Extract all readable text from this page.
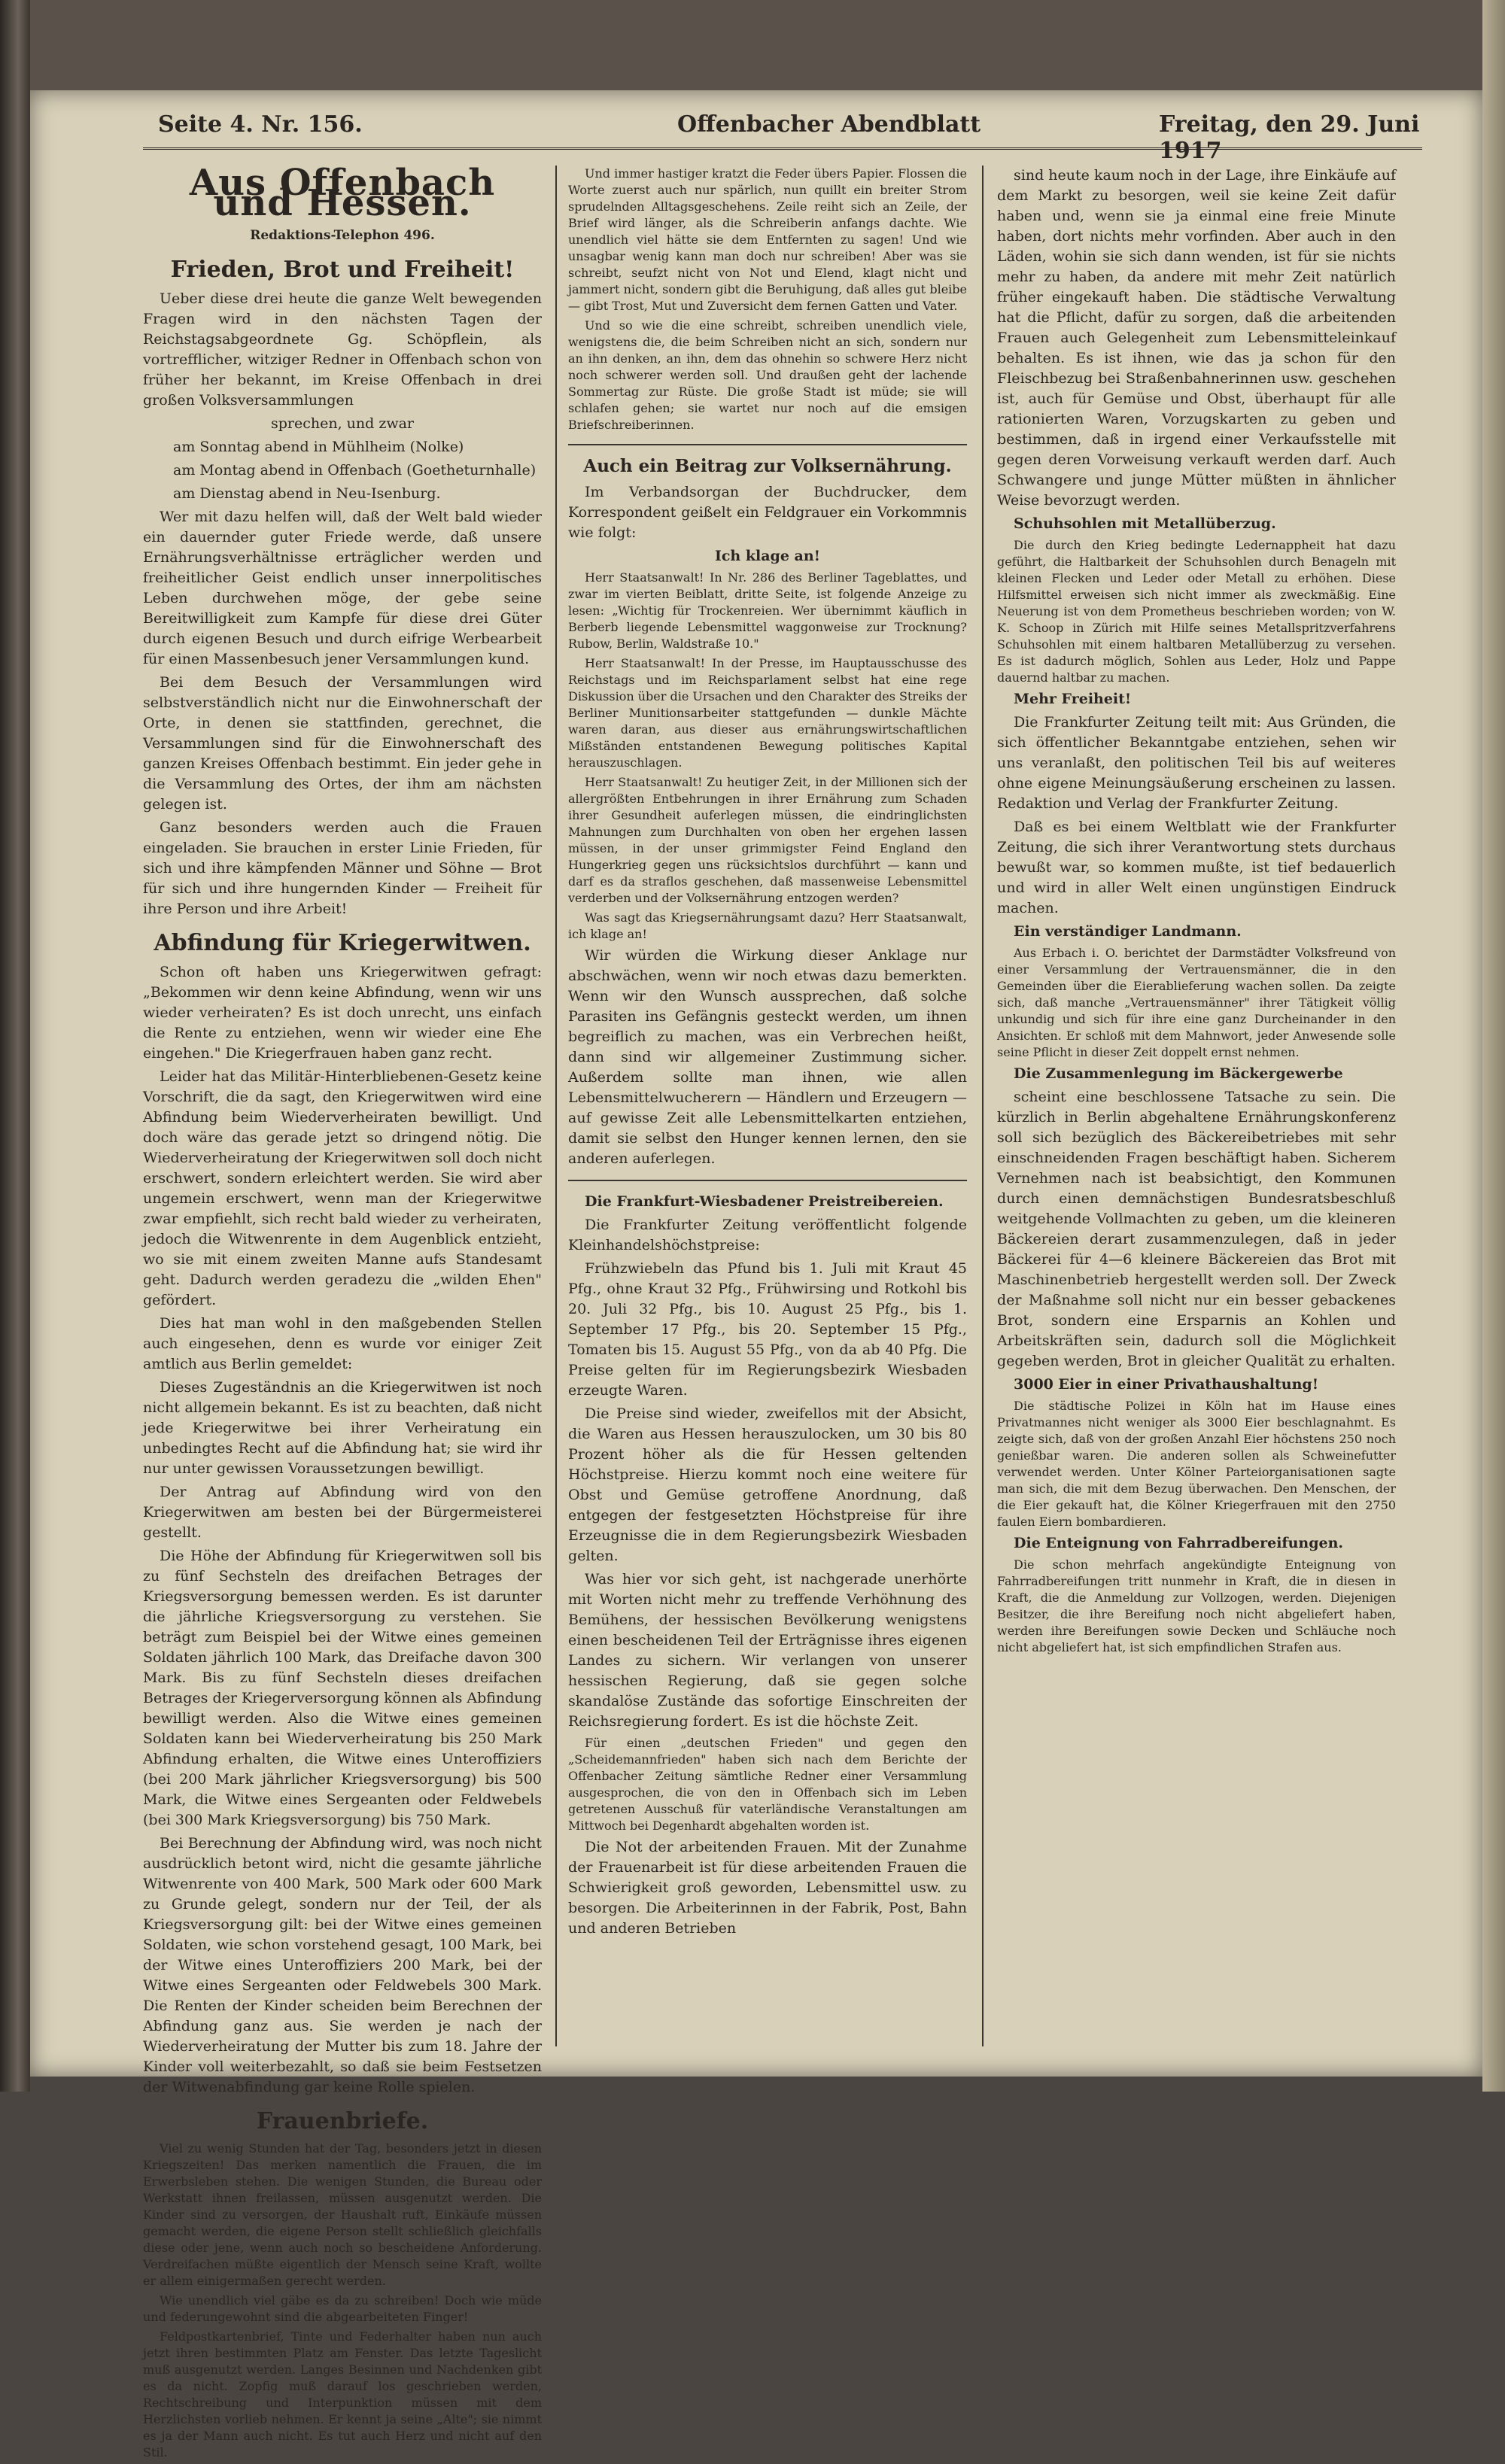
Seite 4. Nr. 156.	Offenbacher Abendblatt	Freitag, den 29. Juni 1917
Aus Offenbach und Hessen.
Redaktions-Telephon 496.
Frieden, Brot und Freiheit!

Ueber diese drei heute die ganze Welt bewegenden Fragen wird in den nächsten Tagen der Reichstagsabgeordnete Gg. Schöpflein, als vortrefflicher, witziger Redner in Offenbach schon von früher her bekannt, im Kreise Offenbach in drei großen Volksversammlungen

sprechen, und zwar

am Sonntag abend in Mühlheim (Nolke)

am Montag abend in Offenbach (Goetheturnhalle)

am Dienstag abend in Neu-Isenburg.

Wer mit dazu helfen will, daß der Welt bald wieder ein dauernder guter Friede werde, daß unsere Ernährungsverhältnisse erträglicher werden und freiheitlicher Geist endlich unser innerpolitisches Leben durchwehen möge, der gebe seine Bereitwilligkeit zum Kampfe für diese drei Güter durch eigenen Besuch und durch eifrige Werbearbeit für einen Massenbesuch jener Versammlungen kund.

Bei dem Besuch der Versammlungen wird selbstverständlich nicht nur die Einwohnerschaft der Orte, in denen sie stattfinden, gerechnet, die Versammlungen sind für die Einwohnerschaft des ganzen Kreises Offenbach bestimmt. Ein jeder gehe in die Versammlung des Ortes, der ihm am nächsten gelegen ist.

Ganz besonders werden auch die Frauen eingeladen. Sie brauchen in erster Linie Frieden, für sich und ihre kämpfenden Männer und Söhne — Brot für sich und ihre hungernden Kinder — Freiheit für ihre Person und ihre Arbeit!

Abfindung für Kriegerwitwen.

Schon oft haben uns Kriegerwitwen gefragt: „Bekommen wir denn keine Abfindung, wenn wir uns wieder verheiraten? Es ist doch unrecht, uns einfach die Rente zu entziehen, wenn wir wieder eine Ehe eingehen." Die Kriegerfrauen haben ganz recht.

Leider hat das Militär-Hinterbliebenen-Gesetz keine Vorschrift, die da sagt, den Kriegerwitwen wird eine Abfindung beim Wiederverheiraten bewilligt. Und doch wäre das gerade jetzt so dringend nötig. Die Wiederverheiratung der Kriegerwitwen soll doch nicht erschwert, sondern erleichtert werden. Sie wird aber ungemein erschwert, wenn man der Kriegerwitwe zwar empfiehlt, sich recht bald wieder zu verheiraten, jedoch die Witwenrente in dem Augenblick entzieht, wo sie mit einem zweiten Manne aufs Standesamt geht. Dadurch werden geradezu die „wilden Ehen" gefördert.

Dies hat man wohl in den maßgebenden Stellen auch eingesehen, denn es wurde vor einiger Zeit amtlich aus Berlin gemeldet:

Dieses Zugeständnis an die Kriegerwitwen ist noch nicht allgemein bekannt. Es ist zu beachten, daß nicht jede Kriegerwitwe bei ihrer Verheiratung ein unbedingtes Recht auf die Abfindung hat; sie wird ihr nur unter gewissen Voraussetzungen bewilligt.

Der Antrag auf Abfindung wird von den Kriegerwitwen am besten bei der Bürgermeisterei gestellt.

Die Höhe der Abfindung für Kriegerwitwen soll bis zu fünf Sechsteln des dreifachen Betrages der Kriegsversorgung bemessen werden. Es ist darunter die jährliche Kriegsversorgung zu verstehen. Sie beträgt zum Beispiel bei der Witwe eines gemeinen Soldaten jährlich 100 Mark, das Dreifache davon 300 Mark. Bis zu fünf Sechsteln dieses dreifachen Betrages der Kriegerversorgung können als Abfindung bewilligt werden. Also die Witwe eines gemeinen Soldaten kann bei Wiederverheiratung bis 250 Mark Abfindung erhalten, die Witwe eines Unteroffiziers (bei 200 Mark jährlicher Kriegsversorgung) bis 500 Mark, die Witwe eines Sergeanten oder Feldwebels (bei 300 Mark Kriegsversorgung) bis 750 Mark.

Bei Berechnung der Abfindung wird, was noch nicht ausdrücklich betont wird, nicht die gesamte jährliche Witwenrente von 400 Mark, 500 Mark oder 600 Mark zu Grunde gelegt, sondern nur der Teil, der als Kriegsversorgung gilt: bei der Witwe eines gemeinen Soldaten, wie schon vorstehend gesagt, 100 Mark, bei der Witwe eines Unteroffiziers 200 Mark, bei der Witwe eines Sergeanten oder Feldwebels 300 Mark. Die Renten der Kinder scheiden beim Berechnen der Abfindung ganz aus. Sie werden je nach der Wiederverheiratung der Mutter bis zum 18. Jahre der Kinder voll weiterbezahlt, so daß sie beim Festsetzen der Witwenabfindung gar keine Rolle spielen.

Frauenbriefe.

Viel zu wenig Stunden hat der Tag, besonders jetzt in diesen Kriegszeiten! Das merken namentlich die Frauen, die im Erwerbsleben stehen. Die wenigen Stunden, die Bureau oder Werkstatt ihnen freilassen, müssen ausgenutzt werden. Die Kinder sind zu versorgen, der Haushalt ruft, Einkäufe müssen gemacht werden, die eigene Person stellt schließlich gleichfalls diese oder jene, wenn auch noch so bescheidene Anforderung. Verdreifachen müßte eigentlich der Mensch seine Kraft, wollte er allem einigermaßen gerecht werden.

Wie unendlich viel gäbe es da zu schreiben! Doch wie müde und federungewohnt sind die abgearbeiteten Finger!

Feldpostkartenbrief, Tinte und Federhalter haben nun auch jetzt ihren bestimmten Platz am Fenster. Das letzte Tageslicht muß ausgenutzt werden. Langes Besinnen und Nachdenken gibt es da nicht. Zopfig muß darauf los geschrieben werden, Rechtschreibung und Interpunktion müssen mit dem Herzlichsten vorlieb nehmen. Er kennt ja seine „Alte"; sie nimmt es ja der Mann auch nicht. Es tut auch Herz und nicht auf den Stil.

Und immer hastiger kratzt die Feder übers Papier. Flossen die Worte zuerst auch nur spärlich, nun quillt ein breiter Strom sprudelnden Alltagsgeschehens. Zeile reiht sich an Zeile, der Brief wird länger, als die Schreiberin anfangs dachte. Wie unendlich viel hätte sie dem Entfernten zu sagen! Und wie unsagbar wenig kann man doch nur schreiben! Aber was sie schreibt, seufzt nicht von Not und Elend, klagt nicht und jammert nicht, sondern gibt die Beruhigung, daß alles gut bleibe — gibt Trost, Mut und Zuversicht dem fernen Gatten und Vater.

Und so wie die eine schreibt, schreiben unendlich viele, wenigstens die, die beim Schreiben nicht an sich, sondern nur an ihn denken, an ihn, dem das ohnehin so schwere Herz nicht noch schwerer werden soll. Und draußen geht der lachende Sommertag zur Rüste. Die große Stadt ist müde; sie will schlafen gehen; sie wartet nur noch auf die emsigen Briefschreiberinnen.

Auch ein Beitrag zur Volksernährung.

Im Verbandsorgan der Buchdrucker, dem Korrespondent geißelt ein Feldgrauer ein Vorkommnis wie folgt:

Ich klage an!

Herr Staatsanwalt! In Nr. 286 des Berliner Tageblattes, und zwar im vierten Beiblatt, dritte Seite, ist folgende Anzeige zu lesen: „Wichtig für Trockenreien. Wer übernimmt käuflich in Berberb liegende Lebensmittel waggonweise zur Trocknung? Rubow, Berlin, Waldstraße 10."

Herr Staatsanwalt! In der Presse, im Hauptausschusse des Reichstags und im Reichsparlament selbst hat eine rege Diskussion über die Ursachen und den Charakter des Streiks der Berliner Munitionsarbeiter stattgefunden — dunkle Mächte waren daran, aus dieser aus ernährungswirtschaftlichen Mißständen entstandenen Bewegung politisches Kapital herauszuschlagen.

Herr Staatsanwalt! Zu heutiger Zeit, in der Millionen sich der allergrößten Entbehrungen in ihrer Ernährung zum Schaden ihrer Gesundheit auferlegen müssen, die eindringlichsten Mahnungen zum Durchhalten von oben her ergehen lassen müssen, in der unser grimmigster Feind England den Hungerkrieg gegen uns rücksichtslos durchführt — kann und darf es da straflos geschehen, daß massenweise Lebensmittel verderben und der Volksernährung entzogen werden?

Was sagt das Kriegsernährungsamt dazu? Herr Staatsanwalt, ich klage an!

Wir würden die Wirkung dieser Anklage nur abschwächen, wenn wir noch etwas dazu bemerkten. Wenn wir den Wunsch aussprechen, daß solche Parasiten ins Gefängnis gesteckt werden, um ihnen begreiflich zu machen, was ein Verbrechen heißt, dann sind wir allgemeiner Zustimmung sicher. Außerdem sollte man ihnen, wie allen Lebensmittelwucherern — Händlern und Erzeugern — auf gewisse Zeit alle Lebensmittelkarten entziehen, damit sie selbst den Hunger kennen lernen, den sie anderen auferlegen.

Die Frankfurt-Wiesbadener Preistreibereien.

Die Frankfurter Zeitung veröffentlicht folgende Kleinhandelshöchstpreise:

Frühzwiebeln das Pfund bis 1. Juli mit Kraut 45 Pfg., ohne Kraut 32 Pfg., Frühwirsing und Rotkohl bis 20. Juli 32 Pfg., bis 10. August 25 Pfg., bis 1. September 17 Pfg., bis 20. September 15 Pfg., Tomaten bis 15. August 55 Pfg., von da ab 40 Pfg. Die Preise gelten für im Regierungsbezirk Wiesbaden erzeugte Waren.

Die Preise sind wieder, zweifellos mit der Absicht, die Waren aus Hessen herauszulocken, um 30 bis 80 Prozent höher als die für Hessen geltenden Höchstpreise. Hierzu kommt noch eine weitere für Obst und Gemüse getroffene Anordnung, daß entgegen der festgesetzten Höchstpreise für ihre Erzeugnisse die in dem Regierungsbezirk Wiesbaden gelten.

Was hier vor sich geht, ist nachgerade unerhörte mit Worten nicht mehr zu treffende Verhöhnung des Bemühens, der hessischen Bevölkerung wenigstens einen bescheidenen Teil der Erträgnisse ihres eigenen Landes zu sichern. Wir verlangen von unserer hessischen Regierung, daß sie gegen solche skandalöse Zustände das sofortige Einschreiten der Reichsregierung fordert. Es ist die höchste Zeit.

Für einen „deutschen Frieden" und gegen den „Scheidemannfrieden" haben sich nach dem Berichte der Offenbacher Zeitung sämtliche Redner einer Versammlung ausgesprochen, die von den in Offenbach sich im Leben getretenen Ausschuß für vaterländische Veranstaltungen am Mittwoch bei Degenhardt abgehalten worden ist.

Die Not der arbeitenden Frauen. Mit der Zunahme der Frauenarbeit ist für diese arbeitenden Frauen die Schwierigkeit groß geworden, Lebensmittel usw. zu besorgen. Die Arbeiterinnen in der Fabrik, Post, Bahn und anderen Betrieben

sind heute kaum noch in der Lage, ihre Einkäufe auf dem Markt zu besorgen, weil sie keine Zeit dafür haben und, wenn sie ja einmal eine freie Minute haben, dort nichts mehr vorfinden. Aber auch in den Läden, wohin sie sich dann wenden, ist für sie nichts mehr zu haben, da andere mit mehr Zeit natürlich früher eingekauft haben. Die städtische Verwaltung hat die Pflicht, dafür zu sorgen, daß die arbeitenden Frauen auch Gelegenheit zum Lebensmitteleinkauf behalten. Es ist ihnen, wie das ja schon für den Fleischbezug bei Straßenbahnerinnen usw. geschehen ist, auch für Gemüse und Obst, überhaupt für alle rationierten Waren, Vorzugskarten zu geben und bestimmen, daß in irgend einer Verkaufsstelle mit gegen deren Vorweisung verkauft werden darf. Auch Schwangere und junge Mütter müßten in ähnlicher Weise bevorzugt werden.

Schuhsohlen mit Metallüberzug.

Die durch den Krieg bedingte Ledernappheit hat dazu geführt, die Haltbarkeit der Schuhsohlen durch Benageln mit kleinen Flecken und Leder oder Metall zu erhöhen. Diese Hilfsmittel erweisen sich nicht immer als zweckmäßig. Eine Neuerung ist von dem Prometheus beschrieben worden; von W. K. Schoop in Zürich mit Hilfe seines Metallspritzverfahrens Schuhsohlen mit einem haltbaren Metallüberzug zu versehen. Es ist dadurch möglich, Sohlen aus Leder, Holz und Pappe dauernd haltbar zu machen.

Mehr Freiheit!

Die Frankfurter Zeitung teilt mit: Aus Gründen, die sich öffentlicher Bekanntgabe entziehen, sehen wir uns veranlaßt, den politischen Teil bis auf weiteres ohne eigene Meinungsäußerung erscheinen zu lassen. Redaktion und Verlag der Frankfurter Zeitung.

Daß es bei einem Weltblatt wie der Frankfurter Zeitung, die sich ihrer Verantwortung stets durchaus bewußt war, so kommen mußte, ist tief bedauerlich und wird in aller Welt einen ungünstigen Eindruck machen.

Ein verständiger Landmann.

Aus Erbach i. O. berichtet der Darmstädter Volksfreund von einer Versammlung der Vertrauensmänner, die in den Gemeinden über die Eierablieferung wachen sollen. Da zeigte sich, daß manche „Vertrauensmänner" ihrer Tätigkeit völlig unkundig und sich für ihre eine ganz Durcheinander in den Ansichten. Er schloß mit dem Mahnwort, jeder Anwesende solle seine Pflicht in dieser Zeit doppelt ernst nehmen.

Die Zusammenlegung im Bäckergewerbe

scheint eine beschlossene Tatsache zu sein. Die kürzlich in Berlin abgehaltene Ernährungskonferenz soll sich bezüglich des Bäckereibetriebes mit sehr einschneidenden Fragen beschäftigt haben. Sicherem Vernehmen nach ist beabsichtigt, den Kommunen durch einen demnächstigen Bundesratsbeschluß weitgehende Vollmachten zu geben, um die kleineren Bäckereien derart zusammenzulegen, daß in jeder Bäckerei für 4—6 kleinere Bäckereien das Brot mit Maschinenbetrieb hergestellt werden soll. Der Zweck der Maßnahme soll nicht nur ein besser gebackenes Brot, sondern eine Ersparnis an Kohlen und Arbeitskräften sein, dadurch soll die Möglichkeit gegeben werden, Brot in gleicher Qualität zu erhalten.

3000 Eier in einer Privathaushaltung!

Die städtische Polizei in Köln hat im Hause eines Privatmannes nicht weniger als 3000 Eier beschlagnahmt. Es zeigte sich, daß von der großen Anzahl Eier höchstens 250 noch genießbar waren. Die anderen sollen als Schweinefutter verwendet werden. Unter Kölner Parteiorganisationen sagte man sich, die mit dem Bezug überwachen. Den Menschen, der die Eier gekauft hat, die Kölner Kriegerfrauen mit den 2750 faulen Eiern bombardieren.

Die Enteignung von Fahrradbereifungen.

Die schon mehrfach angekündigte Enteignung von Fahrradbereifungen tritt nunmehr in Kraft, die in diesen in Kraft, die die Anmeldung zur Vollzogen, werden. Diejenigen Besitzer, die ihre Bereifung noch nicht abgeliefert haben, werden ihre Bereifungen sowie Decken und Schläuche noch nicht abgeliefert hat, ist sich empfindlichen Strafen aus.
